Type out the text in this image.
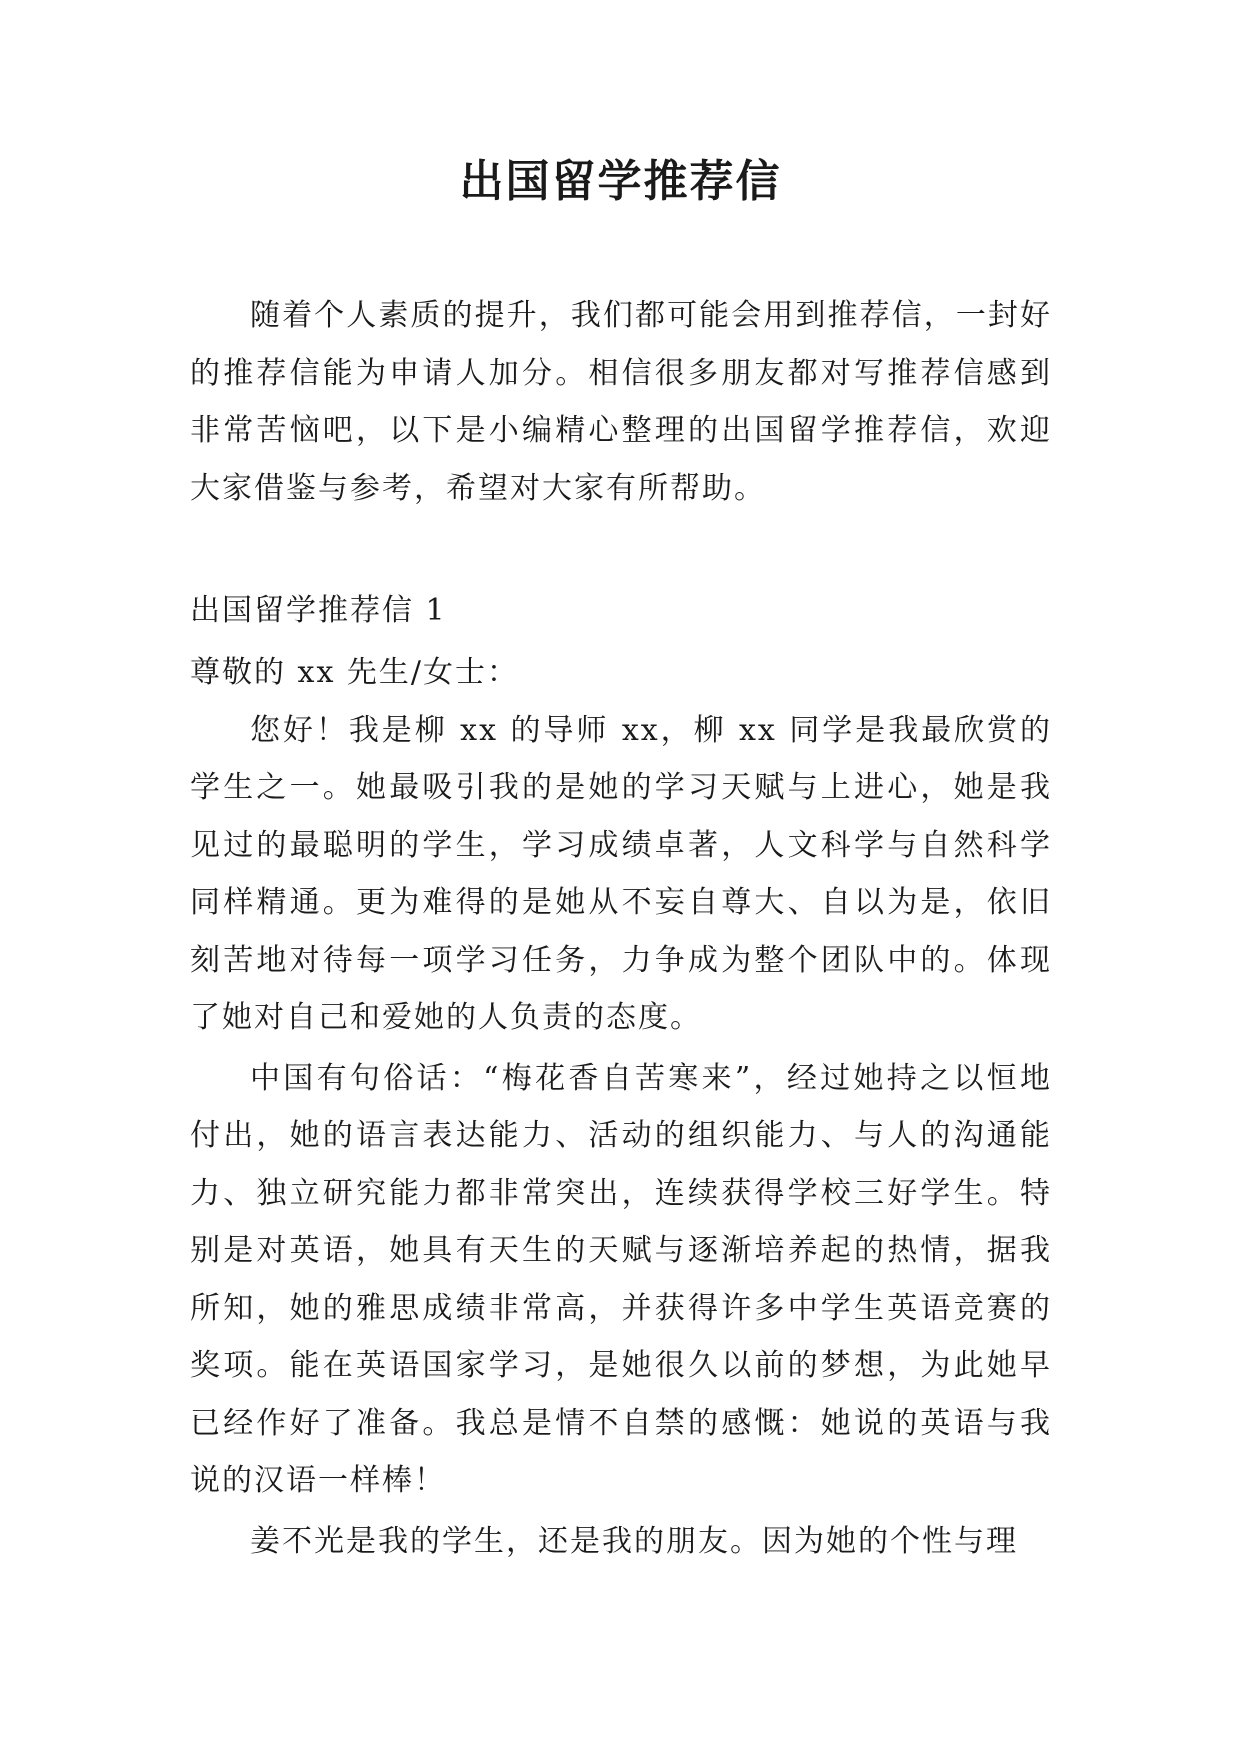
出国留学推荐信

随着个人素质的提升，我们都可能会用到推荐信，一封好的推荐信能为申请人加分。相信很多朋友都对写推荐信感到非常苦恼吧，以下是小编精心整理的出国留学推荐信，欢迎大家借鉴与参考，希望对大家有所帮助。

出国留学推荐信 1

尊敬的 xx 先生/女士：

您好！我是柳 xx 的导师 xx，柳 xx 同学是我最欣赏的学生之一。她最吸引我的是她的学习天赋与上进心，她是我见过的最聪明的学生，学习成绩卓著，人文科学与自然科学同样精通。更为难得的是她从不妄自尊大、自以为是，依旧刻苦地对待每一项学习任务，力争成为整个团队中的。体现了她对自己和爱她的人负责的态度。

中国有句俗话：“梅花香自苦寒来”，经过她持之以恒地付出，她的语言表达能力、活动的组织能力、与人的沟通能力、独立研究能力都非常突出，连续获得学校三好学生。特别是对英语，她具有天生的天赋与逐渐培养起的热情，据我所知，她的雅思成绩非常高，并获得许多中学生英语竞赛的奖项。能在英语国家学习，是她很久以前的梦想，为此她早已经作好了准备。我总是情不自禁的感慨：她说的英语与我说的汉语一样棒！

姜不光是我的学生，还是我的朋友。因为她的个性与理
